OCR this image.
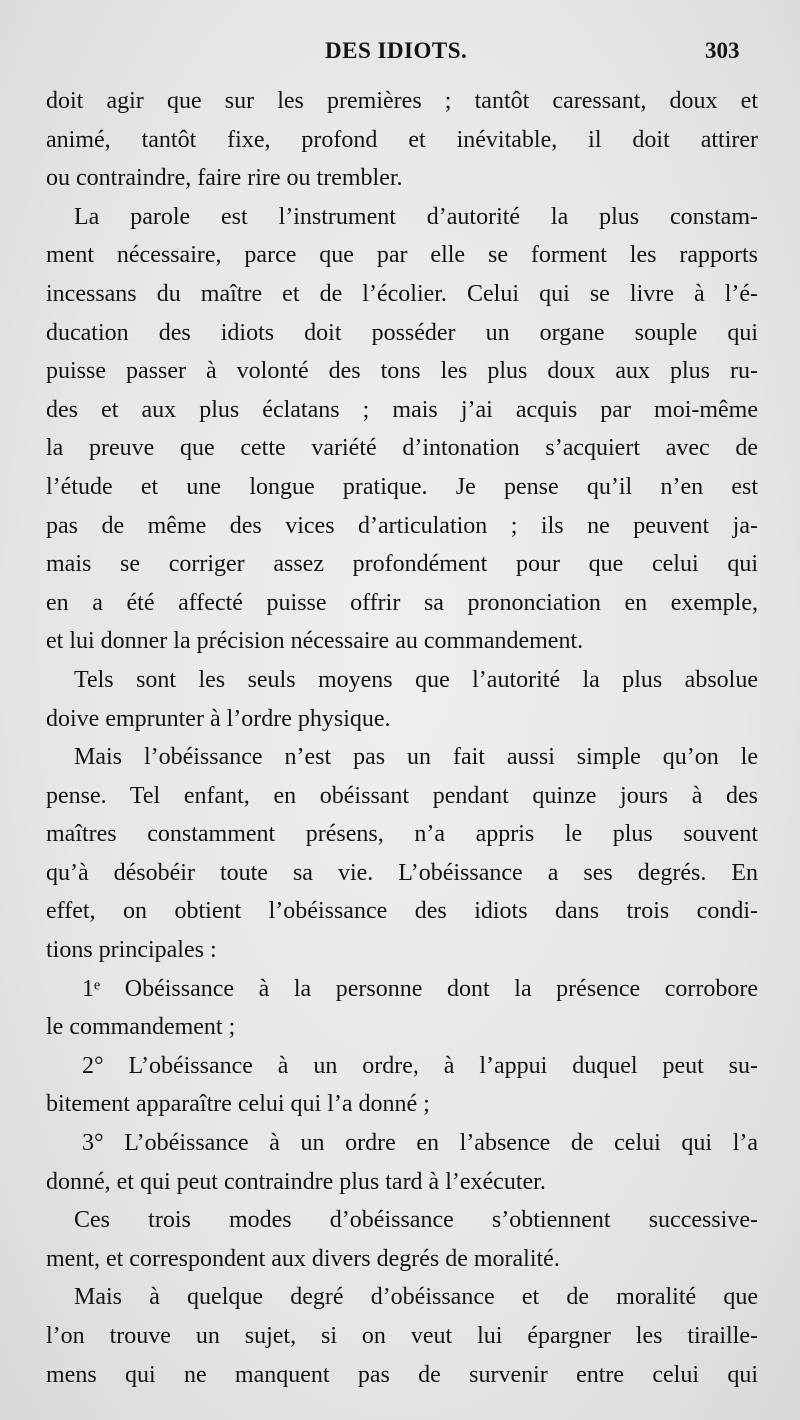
DES IDIOTS.	303
doit agir que sur les premières ; tantôt caressant, doux et
animé, tantôt fixe, profond et inévitable, il doit attirer
ou contraindre, faire rire ou trembler.
La parole est l’instrument d’autorité la plus constam-
ment nécessaire, parce que par elle se forment les rapports
incessans du maître et de l’écolier. Celui qui se livre à l’é-
ducation des idiots doit posséder un organe souple qui
puisse passer à volonté des tons les plus doux aux plus ru-
des et aux plus éclatans ; mais j’ai acquis par moi-même
la preuve que cette variété d’intonation s’acquiert avec de
l’étude et une longue pratique. Je pense qu’il n’en est
pas de même des vices d’articulation ; ils ne peuvent ja-
mais se corriger assez profondément pour que celui qui
en a été affecté puisse offrir sa prononciation en exemple,
et lui donner la précision nécessaire au commandement.
Tels sont les seuls moyens que l’autorité la plus absolue
doive emprunter à l’ordre physique.
Mais l’obéissance n’est pas un fait aussi simple qu’on le
pense. Tel enfant, en obéissant pendant quinze jours à des
maîtres constamment présens, n’a appris le plus souvent
qu’à désobéir toute sa vie. L’obéissance a ses degrés. En
effet, on obtient l’obéissance des idiots dans trois condi-
tions principales :
1ᵉ Obéissance à la personne dont la présence corrobore
le commandement ;
2° L’obéissance à un ordre, à l’appui duquel peut su-
bitement apparaître celui qui l’a donné ;
3° L’obéissance à un ordre en l’absence de celui qui l’a
donné, et qui peut contraindre plus tard à l’exécuter.
Ces trois modes d’obéissance s’obtiennent successive-
ment, et correspondent aux divers degrés de moralité.
Mais à quelque degré d’obéissance et de moralité que
l’on trouve un sujet, si on veut lui épargner les tiraille-
mens qui ne manquent pas de survenir entre celui qui
